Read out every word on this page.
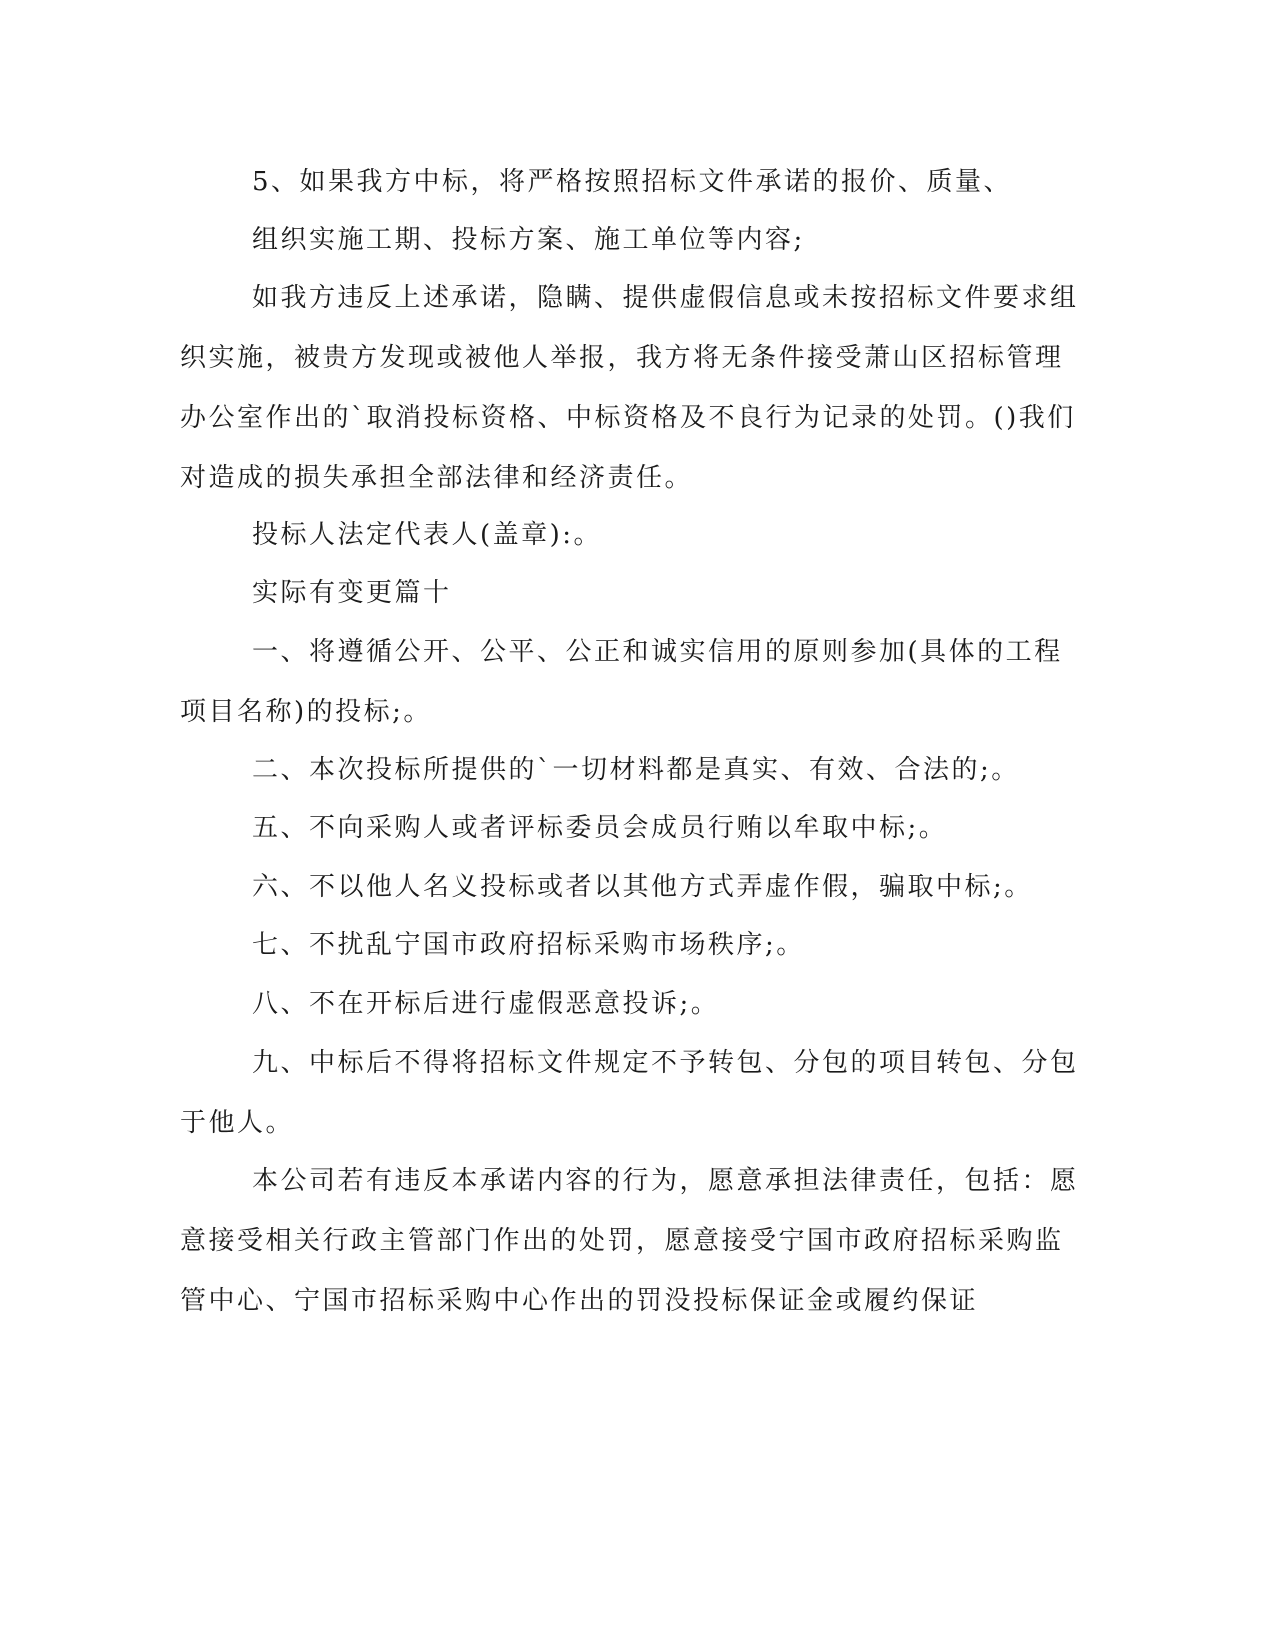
5、如果我方中标，将严格按照招标文件承诺的报价、质量、

组织实施工期、投标方案、施工单位等内容;

如我方违反上述承诺，隐瞒、提供虚假信息或未按招标文件要求组织实施，被贵方发现或被他人举报，我方将无条件接受萧山区招标管理办公室作出的`取消投标资格、中标资格及不良行为记录的处罚。()我们对造成的损失承担全部法律和经济责任。

投标人法定代表人(盖章):。

实际有变更篇十

一、将遵循公开、公平、公正和诚实信用的原则参加(具体的工程项目名称)的投标;。

二、本次投标所提供的`一切材料都是真实、有效、合法的;。

五、不向采购人或者评标委员会成员行贿以牟取中标;。

六、不以他人名义投标或者以其他方式弄虚作假，骗取中标;。

七、不扰乱宁国市政府招标采购市场秩序;。

八、不在开标后进行虚假恶意投诉;。

九、中标后不得将招标文件规定不予转包、分包的项目转包、分包于他人。

本公司若有违反本承诺内容的行为，愿意承担法律责任，包括：愿意接受相关行政主管部门作出的处罚，愿意接受宁国市政府招标采购监管中心、宁国市招标采购中心作出的罚没投标保证金或履约保证
